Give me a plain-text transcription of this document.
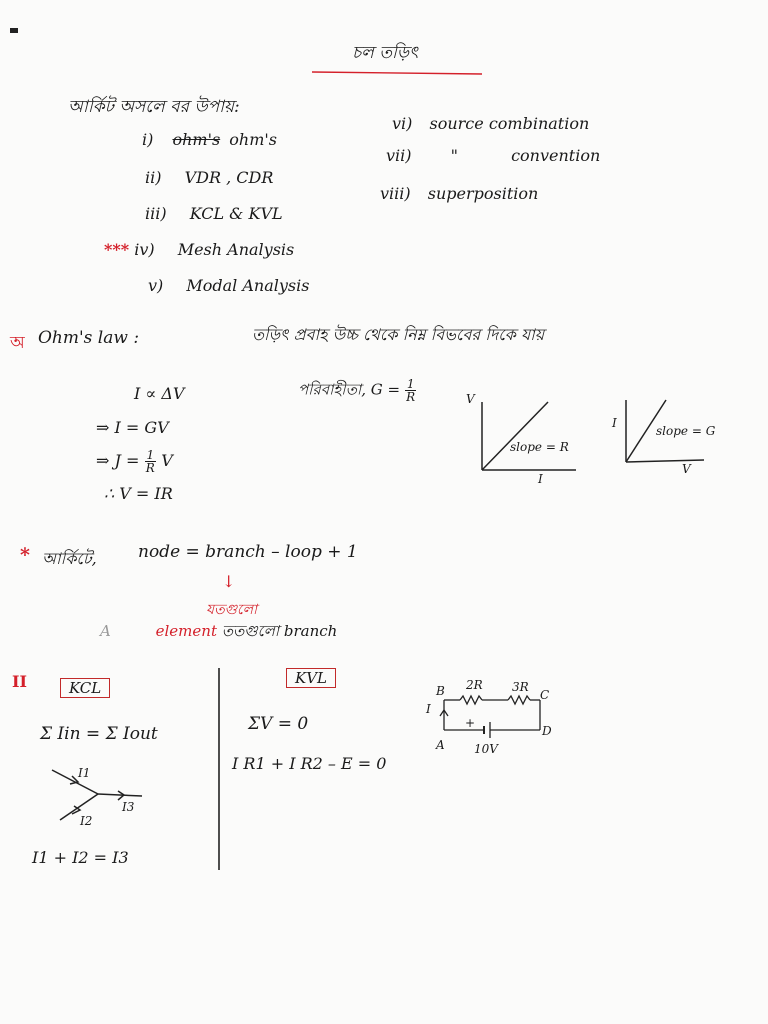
চল তড়িৎ
আর্কিট অসলে বর উপায়:
i) ohm's ohm's
ii) VDR , CDR
iii) KCL & KVL
*** iv) Mesh Analysis
v) Modal Analysis
vi) source combination
vii) "	convention
viii) superposition
অ Ohm's law :	তড়িৎ প্রবাহ উচ্চ থেকে নিম্ন বিভবের দিকে যায়
I ∝ ΔV
⇒ I = GV
⇒ $J = \frac{1}{R}$ V
∴ V = IR
পরিবাহীতা, $G = \frac{1}{R}$	V
I
slope = R
I
V
slope = G
* আর্কিটে, node = branch – loop + 1
↓
যতগুলো
A	element ততগুলো branch
II	KCL
Σ Iin = Σ Iout
I1
I2
I3
I1 + I2 = I3
KVL
ΣV = 0
I R1 + I R2 – E = 0
B 2R 3R
C
I
A
D
10V
+
